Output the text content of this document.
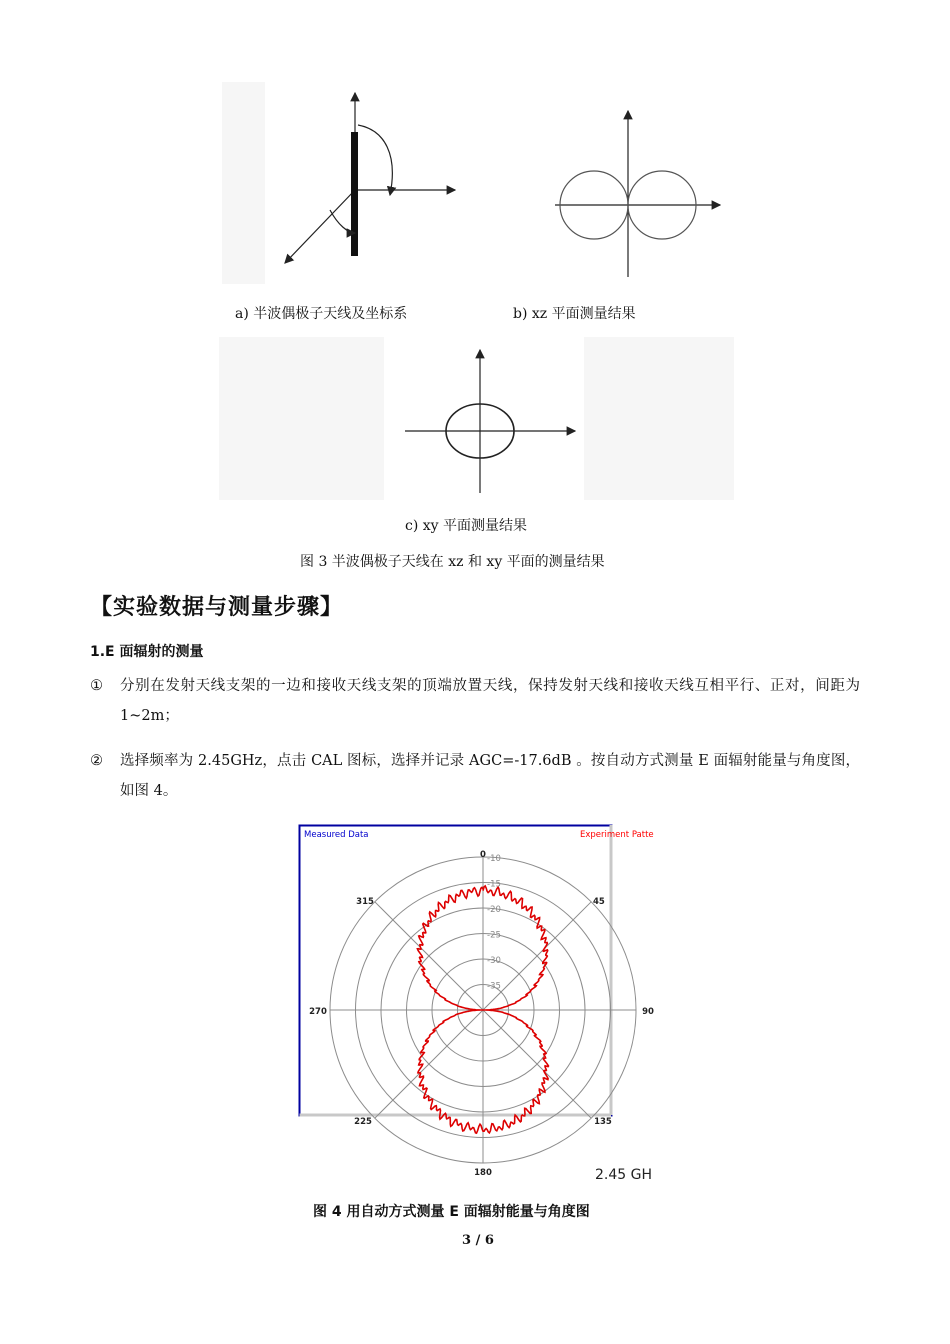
a) 半波偶极子天线及坐标系	b) xz 平面测量结果
c) xy 平面测量结果
图 3 半波偶极子天线在 xz 和 xy 平面的测量结果
【实验数据与测量步骤】
1.E 面辐射的测量
① 分别在发射天线支架的一边和接收天线支架的顶端放置天线，保持发射天线和接收天线互相平行、正对，间距为 1~2m；
② 选择频率为 2.45GHz，点击 CAL 图标，选择并记录 AGC=-17.6dB 。按自动方式测量 E 面辐射能量与角度图，如图 4。
Measured Data	Experiment Patte
0
45
90
135
180
225
270
315
-10
-15
-20
-25
-30
-35
2.45 GH
图 4 用自动方式测量 E 面辐射能量与角度图
3 / 6
